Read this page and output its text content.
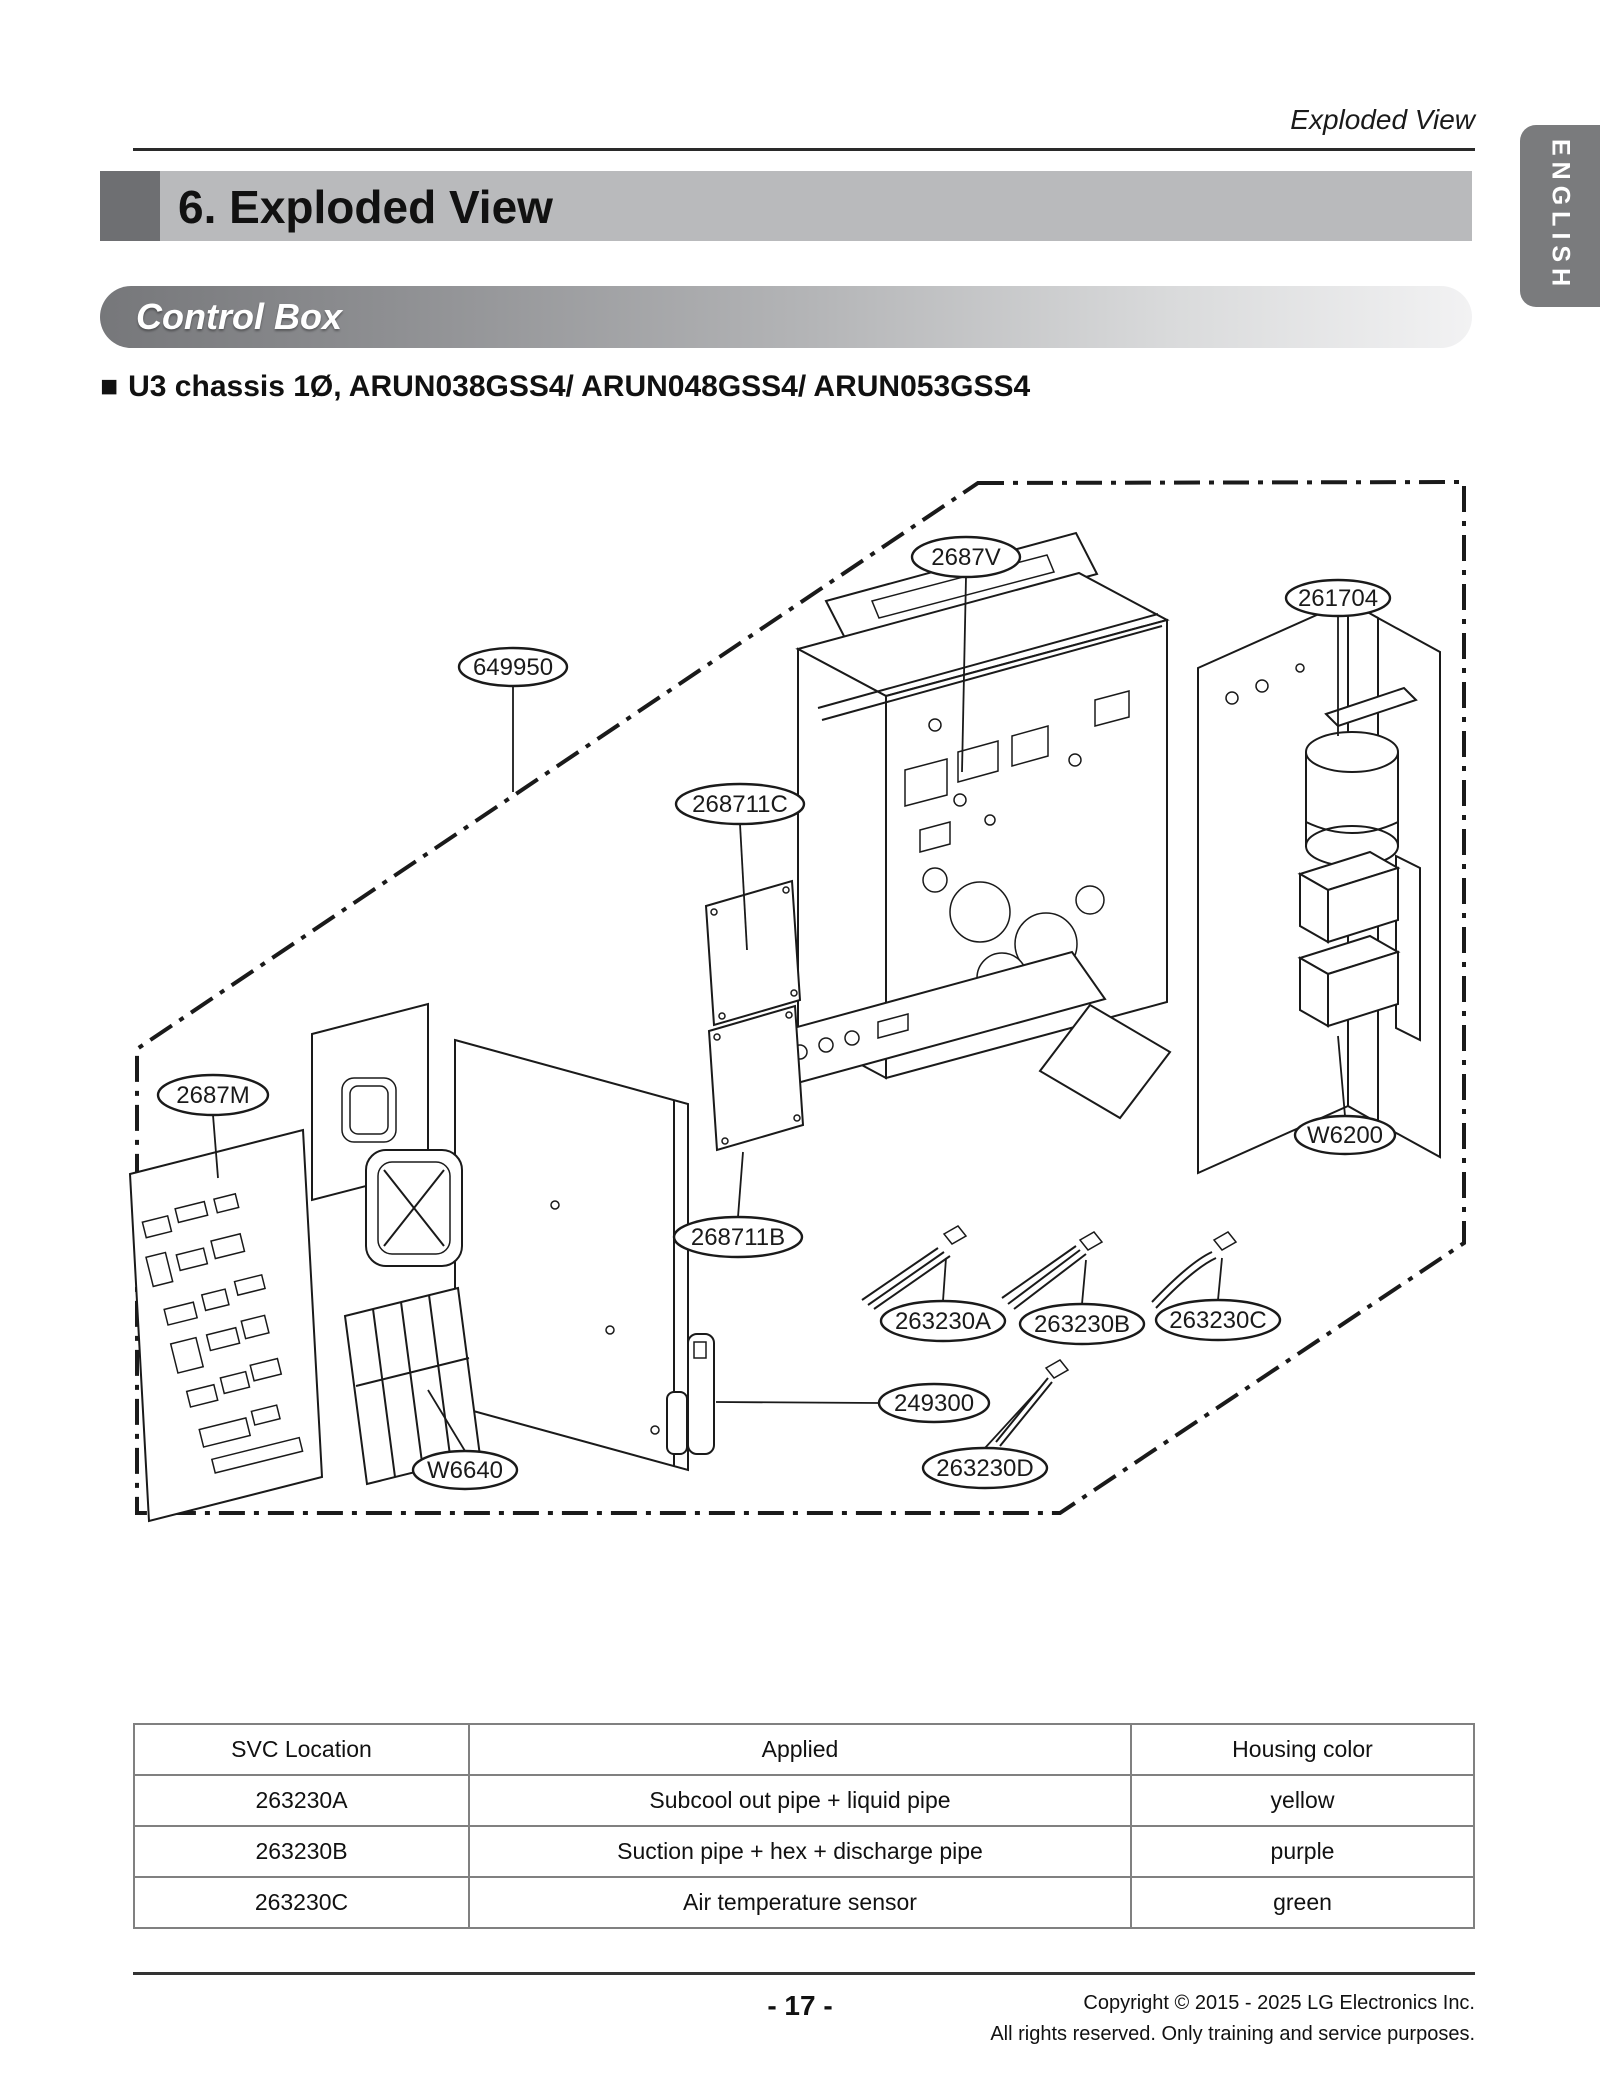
Exploded View
ENGLISH
6. Exploded View
Control Box
■ U3 chassis 1Ø, ARUN038GSS4/ ARUN048GSS4/ ARUN053GSS4
2687V
261704
649950
268711C
2687M
W6200
268711B
263230A 263230B 263230C
249300
263230D
W6640
SVC Location	Applied	Housing color
263230A	Subcool out pipe + liquid pipe	yellow
263230B	Suction pipe + hex + discharge pipe	purple
263230C	Air temperature sensor	green
- 17 -	Copyright © 2015 - 2025 LG Electronics Inc.
All rights reserved. Only training and service purposes.
